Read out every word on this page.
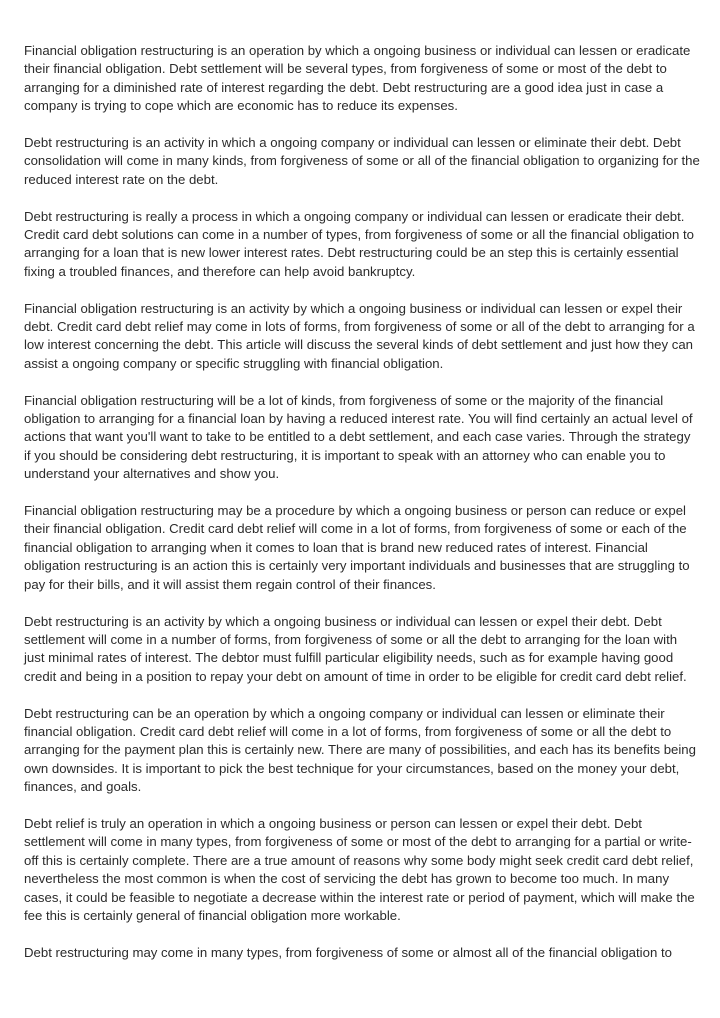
Financial obligation restructuring is an operation by which a ongoing business or individual can lessen or eradicate their financial obligation. Debt settlement will be several types, from forgiveness of some or most of the debt to arranging for a diminished rate of interest regarding the debt. Debt restructuring are a good idea just in case a company is trying to cope which are economic has to reduce its expenses.

Debt restructuring is an activity in which a ongoing company or individual can lessen or eliminate their debt. Debt consolidation will come in many kinds, from forgiveness of some or all of the financial obligation to organizing for the reduced interest rate on the debt.

Debt restructuring is really a process in which a ongoing company or individual can lessen or eradicate their debt. Credit card debt solutions can come in a number of types, from forgiveness of some or all the financial obligation to arranging for a loan that is new lower interest rates. Debt restructuring could be an step this is certainly essential fixing a troubled finances, and therefore can help avoid bankruptcy.

Financial obligation restructuring is an activity by which a ongoing business or individual can lessen or expel their debt. Credit card debt relief may come in lots of forms, from forgiveness of some or all of the debt to arranging for a low interest concerning the debt. This article will discuss the several kinds of debt settlement and just how they can assist a ongoing company or specific struggling with financial obligation.

Financial obligation restructuring will be a lot of kinds, from forgiveness of some or the majority of the financial obligation to arranging for a financial loan by having a reduced interest rate. You will find certainly an actual level of actions that want you'll want to take to be entitled to a debt settlement, and each case varies. Through the strategy if you should be considering debt restructuring, it is important to speak with an attorney who can enable you to understand your alternatives and show you.

Financial obligation restructuring may be a procedure by which a ongoing business or person can reduce or expel their financial obligation. Credit card debt relief will come in a lot of forms, from forgiveness of some or each of the financial obligation to arranging when it comes to loan that is brand new reduced rates of interest. Financial obligation restructuring is an action this is certainly very important individuals and businesses that are struggling to pay for their bills, and it will assist them regain control of their finances.

Debt restructuring is an activity by which a ongoing business or individual can lessen or expel their debt. Debt settlement will come in a number of forms, from forgiveness of some or all the debt to arranging for the loan with just minimal rates of interest. The debtor must fulfill particular eligibility needs, such as for example having good credit and being in a position to repay your debt on amount of time in order to be eligible for credit card debt relief.

Debt restructuring can be an operation by which a ongoing company or individual can lessen or eliminate their financial obligation. Credit card debt relief will come in a lot of forms, from forgiveness of some or all the debt to arranging for the payment plan this is certainly new. There are many of possibilities, and each has its benefits being own downsides. It is important to pick the best technique for your circumstances, based on the money your debt, finances, and goals.

Debt relief is truly an operation in which a ongoing business or person can lessen or expel their debt. Debt settlement will come in many types, from forgiveness of some or most of the debt to arranging for a partial or write-off this is certainly complete. There are a true amount of reasons why some body might seek credit card debt relief, nevertheless the most common is when the cost of servicing the debt has grown to become too much. In many cases, it could be feasible to negotiate a decrease within the interest rate or period of payment, which will make the fee this is certainly general of financial obligation more workable.

Debt restructuring may come in many types, from forgiveness of some or almost all of the financial obligation to
